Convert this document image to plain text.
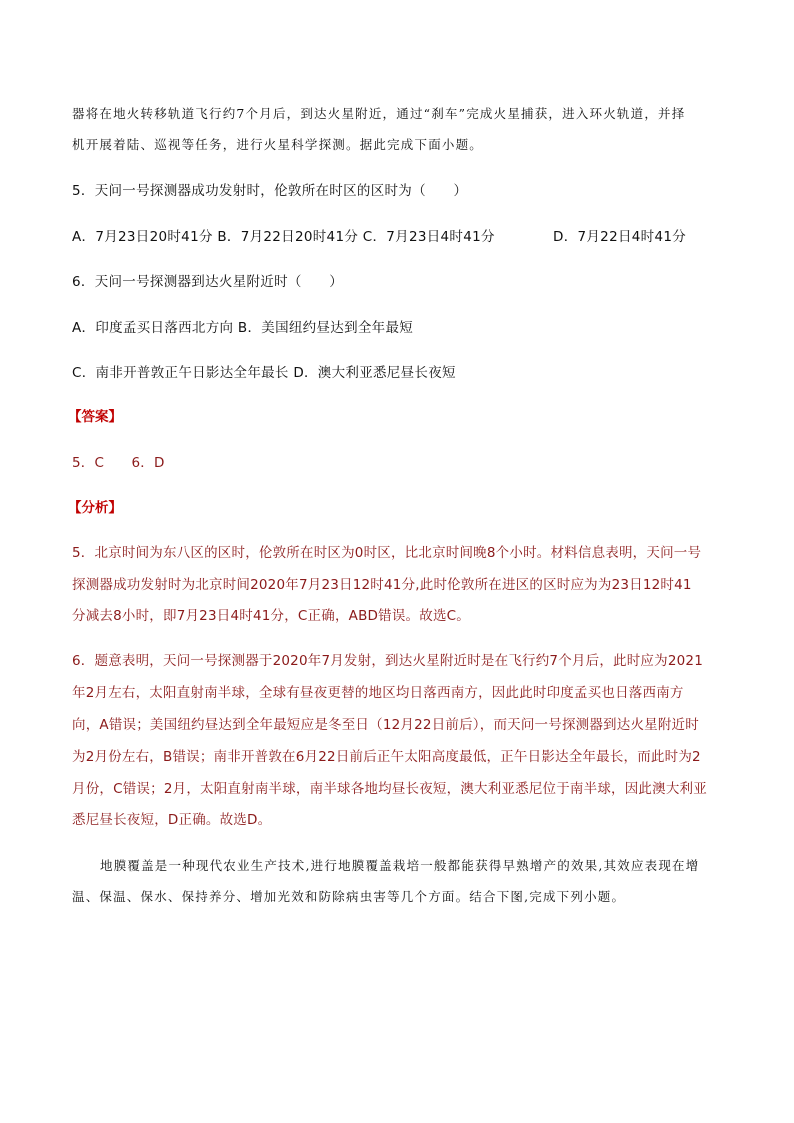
器将在地火转移轨道飞行约7个月后，到达火星附近，通过“刹车”完成火星捕获，进入环火轨道，并择
机开展着陆、巡视等任务，进行火星科学探测。据此完成下面小题。
5．天问一号探测器成功发射时，伦敦所在时区的区时为（　　）
A．7月23日20时41分 B．7月22日20时41分 C．7月23日4时41分	D．7月22日4时41分
6．天问一号探测器到达火星附近时（　　）
A．印度孟买日落西北方向 B．美国纽约昼达到全年最短
C．南非开普敦正午日影达全年最长 D．澳大利亚悉尼昼长夜短
【答案】
5．C　　6．D
【分析】
5．北京时间为东八区的区时，伦敦所在时区为0时区，比北京时间晚8个小时。材料信息表明，天问一号
探测器成功发射时为北京时间2020年7月23日12时41分,此时伦敦所在进区的区时应为为23日12时41
分减去8小时，即7月23日4时41分，C正确，ABD错误。故选C。
6．题意表明，天问一号探测器于2020年7月发射，到达火星附近时是在飞行约7个月后，此时应为2021
年2月左右，太阳直射南半球，全球有昼夜更替的地区均日落西南方，因此此时印度孟买也日落西南方
向，A错误；美国纽约昼达到全年最短应是冬至日（12月22日前后），而天问一号探测器到达火星附近时
为2月份左右，B错误；南非开普敦在6月22日前后正午太阳高度最低，正午日影达全年最长，而此时为2
月份，C错误；2月，太阳直射南半球，南半球各地均昼长夜短，澳大利亚悉尼位于南半球，因此澳大利亚
悉尼昼长夜短，D正确。故选D。
地膜覆盖是一种现代农业生产技术,进行地膜覆盖栽培一般都能获得早熟增产的效果,其效应表现在增
温、保温、保水、保持养分、增加光效和防除病虫害等几个方面。结合下图,完成下列小题。
